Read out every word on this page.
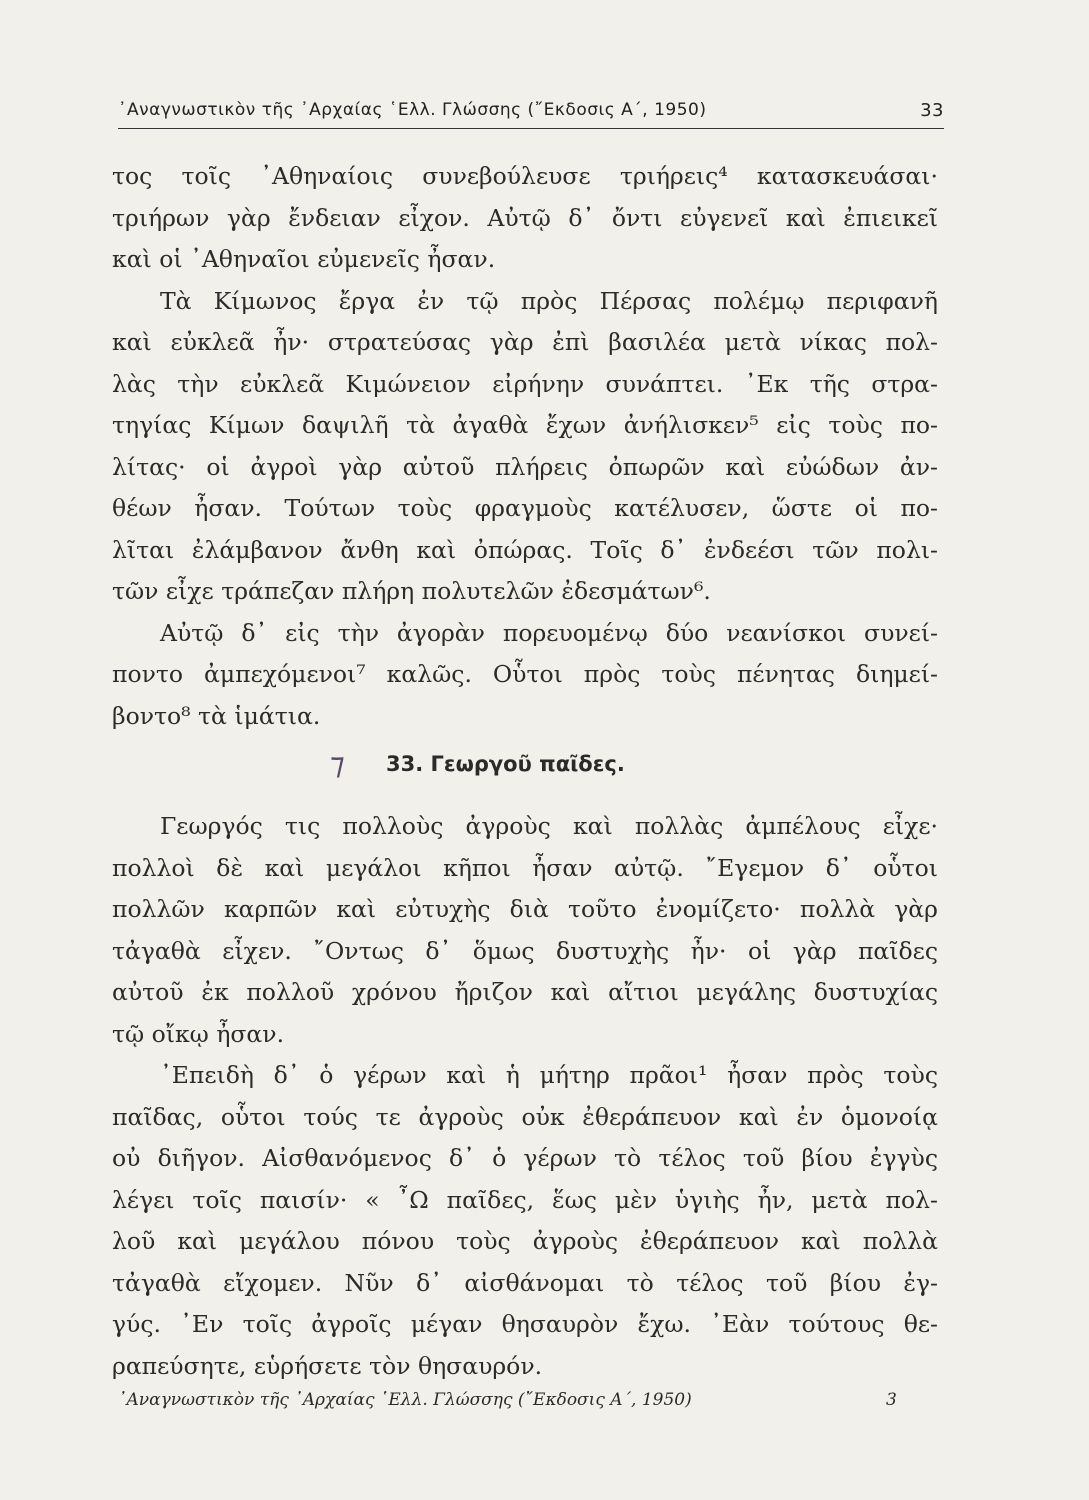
᾿Αναγνωστικὸν τῆς ᾿Αρχαίας ῾Ελλ. Γλώσσης (῎Εκδοσις Α΄, 1950)	33
τος τοῖς ᾿Αθηναίοις συνεβούλευσε τριήρεις⁴ κατασκευάσαι·
τριήρων γὰρ ἔνδειαν εἶχον. Αὐτῷ δ᾿ ὄντι εὐγενεῖ καὶ ἐπιεικεῖ
καὶ οἱ ᾿Αθηναῖοι εὐμενεῖς ἦσαν.
Τὰ Κίμωνος ἔργα ἐν τῷ πρὸς Πέρσας πολέμῳ περιφανῆ
καὶ εὐκλεᾶ ἦν· στρατεύσας γὰρ ἐπὶ βασιλέα μετὰ νίκας πολ-
λὰς τὴν εὐκλεᾶ Κιμώνειον εἰρήνην συνάπτει. ᾿Εκ τῆς στρα-
τηγίας Κίμων δαψιλῆ τὰ ἀγαθὰ ἔχων ἀνήλισκεν⁵ εἰς τοὺς πο-
λίτας· οἱ ἀγροὶ γὰρ αὐτοῦ πλήρεις ὀπωρῶν καὶ εὐώδων ἀν-
θέων ἦσαν. Τούτων τοὺς φραγμοὺς κατέλυσεν, ὥστε οἱ πο-
λῖται ἐλάμβανον ἄνθη καὶ ὀπώρας. Τοῖς δ᾿ ἐνδεέσι τῶν πολι-
τῶν εἶχε τράπεζαν πλήρη πολυτελῶν ἐδεσμάτων⁶.
Αὐτῷ δ᾿ εἰς τὴν ἀγορὰν πορευομένῳ δύο νεανίσκοι συνεί-
ποντο ἀμπεχόμενοι⁷ καλῶς. Οὗτοι πρὸς τοὺς πένητας διημεί-
βοντο⁸ τὰ ἱμάτια.
⁊	33. Γεωργοῦ παῖδες.
Γεωργός τις πολλοὺς ἀγροὺς καὶ πολλὰς ἀμπέλους εἶχε·
πολλοὶ δὲ καὶ μεγάλοι κῆποι ἦσαν αὐτῷ. ῎Εγεμον δ᾿ οὗτοι
πολλῶν καρπῶν καὶ εὐτυχὴς διὰ τοῦτο ἐνομίζετο· πολλὰ γὰρ
τἀγαθὰ εἶχεν. ῎Οντως δ᾿ ὅμως δυστυχὴς ἦν· οἱ γὰρ παῖδες
αὐτοῦ ἐκ πολλοῦ χρόνου ἤριζον καὶ αἴτιοι μεγάλης δυστυχίας
τῷ οἴκῳ ἦσαν.
᾿Επειδὴ δ᾿ ὁ γέρων καὶ ἡ μήτηρ πρᾶοι¹ ἦσαν πρὸς τοὺς
παῖδας, οὗτοι τούς τε ἀγροὺς οὐκ ἐθεράπευον καὶ ἐν ὁμονοίᾳ
οὐ διῆγον. Αἰσθανόμενος δ᾿ ὁ γέρων τὸ τέλος τοῦ βίου ἐγγὺς
λέγει τοῖς παισίν· « ῏Ω παῖδες, ἕως μὲν ὑγιὴς ἦν, μετὰ πολ-
λοῦ καὶ μεγάλου πόνου τοὺς ἀγροὺς ἐθεράπευον καὶ πολλὰ
τἀγαθὰ εἴχομεν. Νῦν δ᾿ αἰσθάνομαι τὸ τέλος τοῦ βίου ἐγ-
γύς. ᾿Εν τοῖς ἀγροῖς μέγαν θησαυρὸν ἔχω. ᾿Εὰν τούτους θε-
ραπεύσητε, εὑρήσετε τὸν θησαυρόν.
᾿Αναγνωστικὸν τῆς ᾿Αρχαίας ῾Ελλ. Γλώσσης (῎Εκδοσις Α΄, 1950)	3
